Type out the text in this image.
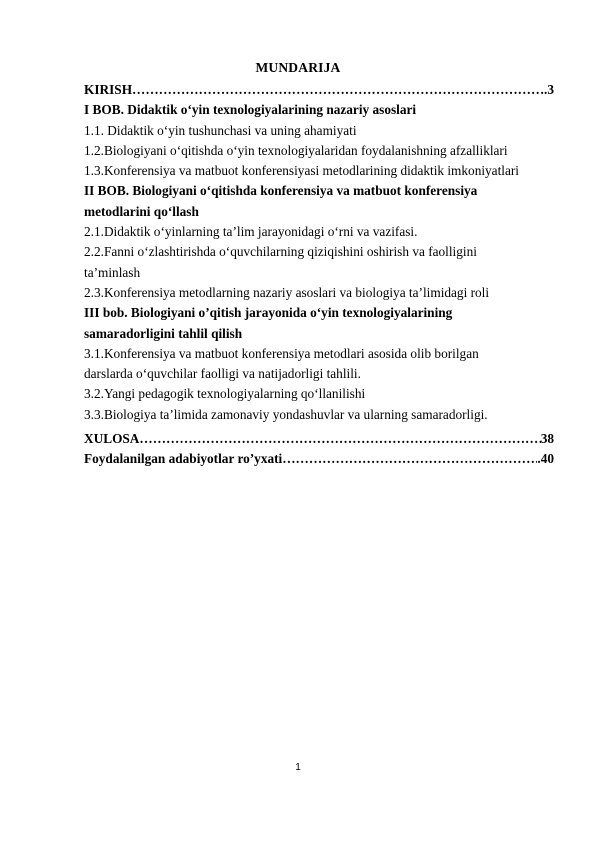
MUNDARIJA
KIRISH …………………………………………………………………………………………………………………………………………………	.3
I BOB. Didaktik o‘yin texnologiyalarining nazariy asoslari
1.1. Didaktik o‘yin tushunchasi va uning ahamiyati
1.2.Biologiyani o‘qitishda o‘yin texnologiyalaridan foydalanishning afzalliklari
1.3.Konferensiya va matbuot konferensiyasi metodlarining didaktik imkoniyatlari
II BOB. Biologiyani o‘qitishda konferensiya va matbuot konferensiya
metodlarini qo‘llash
2.1.Didaktik o‘yinlarning ta’lim jarayonidagi o‘rni va vazifasi.
2.2.Fanni o‘zlashtirishda o‘quvchilarning qiziqishini oshirish va faolligini
ta’minlash
2.3.Konferensiya metodlarning nazariy asoslari va biologiya ta’limidagi roli
III bob. Biologiyani o’qitish jarayonida o‘yin texnologiyalarining
samaradorligini tahlil qilish
3.1.Konferensiya va matbuot konferensiya metodlari asosida olib borilgan
darslarda o‘quvchilar faolligi va natijadorligi tahlili.
3.2.Yangi pedagogik texnologiyalarning qo‘llanilishi
3.3.Biologiya ta’limida zamonaviy yondashuvlar va ularning samaradorligi.
XULOSA …………………………………………………………………………………………………………………………………………………	38
Foydalanilgan adabiyotlar ro’yxati …………………………………………………………………………………………………………………………………………………	.40
1
